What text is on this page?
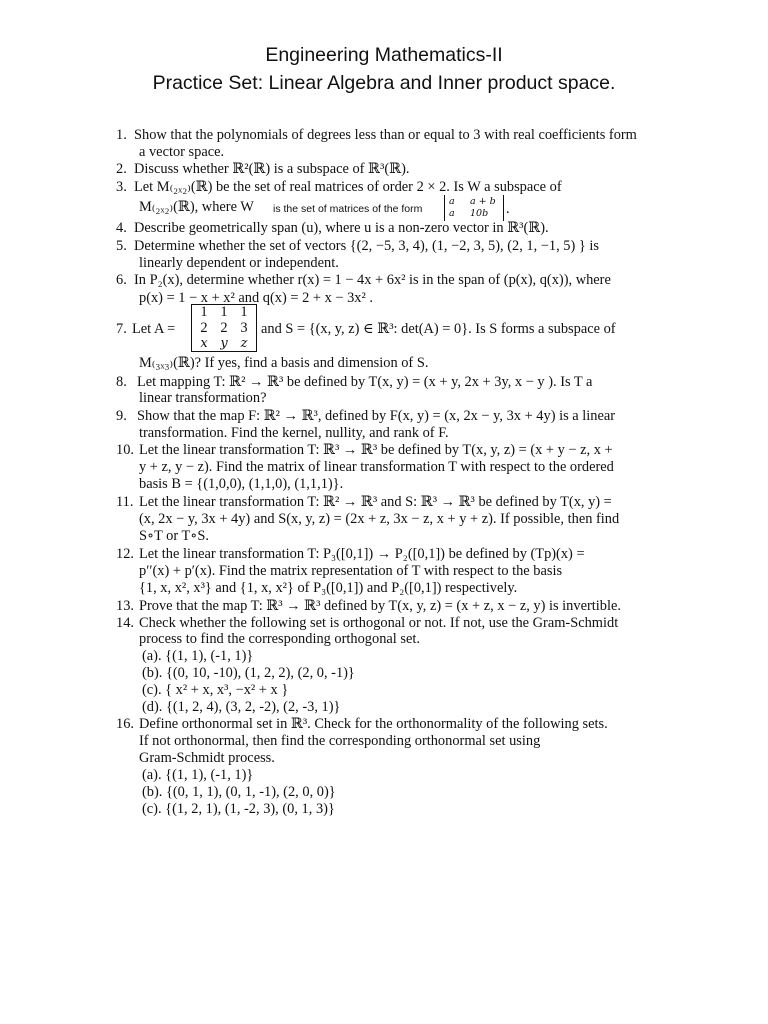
Engineering Mathematics-II
Practice Set: Linear Algebra and Inner product space.
1. Show that the polynomials of degrees less than or equal to 3 with real coefficients form
a vector space.
2. Discuss whether ℝ²(ℝ) is a subspace of ℝ³(ℝ).
3. Let M₍₂ₓ₂₎(ℝ) be the set of real matrices of order 2 × 2. Is W a subspace of
M₍₂ₓ₂₎(ℝ), where W is the set of matrices of the form
a a + b
a 10b .
4. Describe geometrically span (u), where u is a non-zero vector in ℝ³(ℝ).
5. Determine whether the set of vectors {(2, −5, 3, 4), (1, −2, 3, 5), (2, 1, −1, 5) } is
linearly dependent or independent.
6. In P₂(x), determine whether r(x) = 1 − 4x + 6x² is in the span of (p(x), q(x)), where
p(x) = 1 − x + x² and q(x) = 2 + x − 3x² .
7. Let A =
1 1 1
2 2 3
x y z
and S = {(x, y, z) ∈ ℝ³: det(A) = 0}. Is S forms a subspace of
M₍₃ₓ₃₎(ℝ)? If yes, find a basis and dimension of S.
8. Let mapping T: ℝ² → ℝ³ be defined by T(x, y) = (x + y, 2x + 3y, x − y ). Is T a
linear transformation?
9. Show that the map F: ℝ² → ℝ³, defined by F(x, y) = (x, 2x − y, 3x + 4y) is a linear
transformation. Find the kernel, nullity, and rank of F.
10. Let the linear transformation T: ℝ³ → ℝ³ be defined by T(x, y, z) = (x + y − z, x +
y + z, y − z). Find the matrix of linear transformation T with respect to the ordered
basis B = {(1,0,0), (1,1,0), (1,1,1)}.
11. Let the linear transformation T: ℝ² → ℝ³ and S: ℝ³ → ℝ³ be defined by T(x, y) =
(x, 2x − y, 3x + 4y) and S(x, y, z) = (2x + z, 3x − z, x + y + z). If possible, then find
S∘T or T∘S.
12. Let the linear transformation T: P₃([0,1]) → P₂([0,1]) be defined by (Tp)(x) =
p′′(x) + p′(x). Find the matrix representation of T with respect to the basis
{1, x, x², x³} and {1, x, x²} of P₃([0,1]) and P₂([0,1]) respectively.
13. Prove that the map T: ℝ³ → ℝ³ defined by T(x, y, z) = (x + z, x − z, y) is invertible.
14. Check whether the following set is orthogonal or not. If not, use the Gram-Schmidt
process to find the corresponding orthogonal set.
(a). {(1, 1), (-1, 1)}
(b). {(0, 10, -10), (1, 2, 2), (2, 0, -1)}
(c). { x² + x, x³, −x² + x }
(d). {(1, 2, 4), (3, 2, -2), (2, -3, 1)}
16. Define orthonormal set in ℝ³. Check for the orthonormality of the following sets.
If not orthonormal, then find the corresponding orthonormal set using
Gram-Schmidt process.
(a). {(1, 1), (-1, 1)}
(b). {(0, 1, 1), (0, 1, -1), (2, 0, 0)}
(c). {(1, 2, 1), (1, -2, 3), (0, 1, 3)}
